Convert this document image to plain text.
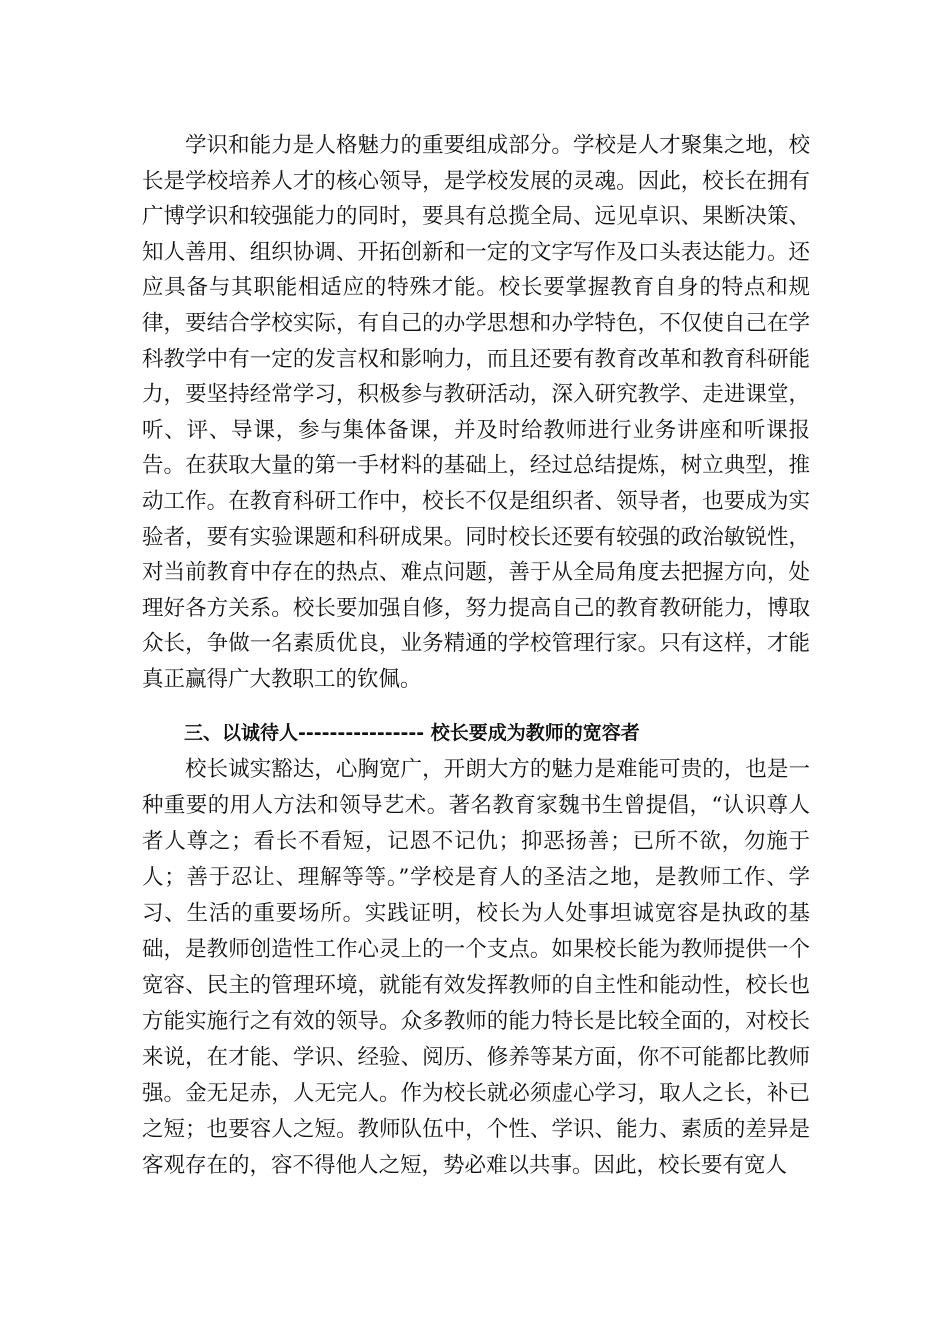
学识和能力是人格魅力的重要组成部分。学校是人才聚集之地，校长是学校培养人才的核心领导，是学校发展的灵魂。因此，校长在拥有广博学识和较强能力的同时，要具有总揽全局、远见卓识、果断决策、知人善用、组织协调、开拓创新和一定的文字写作及口头表达能力。还应具备与其职能相适应的特殊才能。校长要掌握教育自身的特点和规律，要结合学校实际，有自己的办学思想和办学特色，不仅使自己在学科教学中有一定的发言权和影响力，而且还要有教育改革和教育科研能力，要坚持经常学习，积极参与教研活动，深入研究教学、走进课堂，听、评、导课，参与集体备课，并及时给教师进行业务讲座和听课报告。在获取大量的第一手材料的基础上，经过总结提炼，树立典型，推动工作。在教育科研工作中，校长不仅是组织者、领导者，也要成为实验者，要有实验课题和科研成果。同时校长还要有较强的政治敏锐性，对当前教育中存在的热点、难点问题，善于从全局角度去把握方向，处理好各方关系。校长要加强自修，努力提高自己的教育教研能力，博取众长，争做一名素质优良，业务精通的学校管理行家。只有这样，才能真正赢得广大教职工的钦佩。

三、以诚待人---------------- 校长要成为教师的宽容者

校长诚实豁达，心胸宽广，开朗大方的魅力是难能可贵的，也是一种重要的用人方法和领导艺术。著名教育家魏书生曾提倡，“认识尊人者人尊之；看长不看短，记恩不记仇；抑恶扬善；已所不欲，勿施于人；善于忍让、理解等等。”学校是育人的圣洁之地，是教师工作、学习、生活的重要场所。实践证明，校长为人处事坦诚宽容是执政的基础，是教师创造性工作心灵上的一个支点。如果校长能为教师提供一个宽容、民主的管理环境，就能有效发挥教师的自主性和能动性，校长也方能实施行之有效的领导。众多教师的能力特长是比较全面的，对校长来说，在才能、学识、经验、阅历、修养等某方面，你不可能都比教师强。金无足赤，人无完人。作为校长就必须虚心学习，取人之长，补已之短；也要容人之短。教师队伍中，个性、学识、能力、素质的差异是客观存在的，容不得他人之短，势必难以共事。因此，校长要有宽人
